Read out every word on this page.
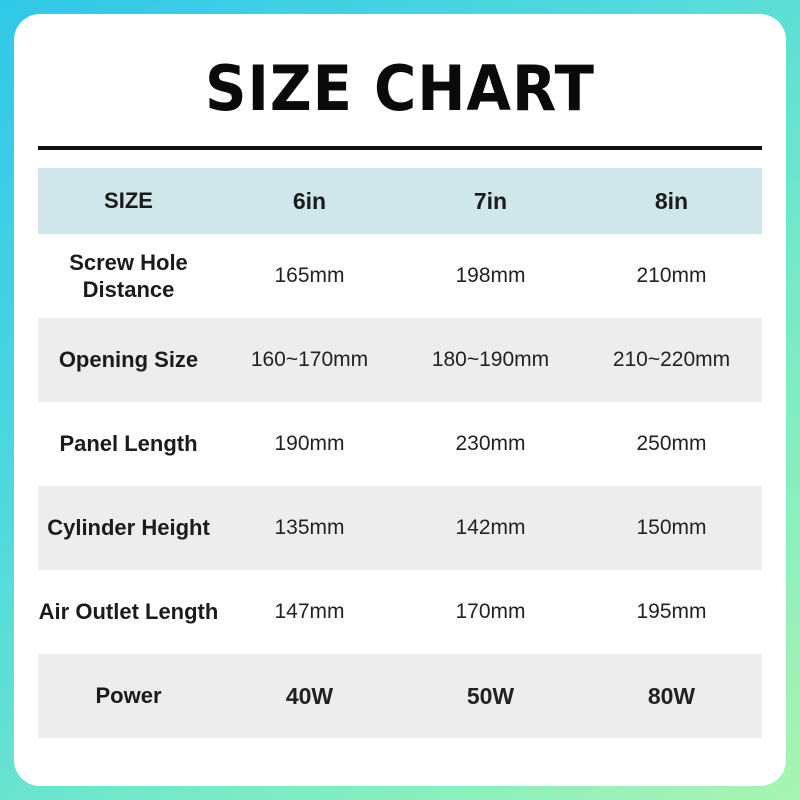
SIZE CHART
SIZE	6in	7in	8in
Screw Hole Distance	165mm	198mm	210mm
Opening Size	160~170mm	180~190mm	210~220mm
Panel Length	190mm	230mm	250mm
Cylinder Height	135mm	142mm	150mm
Air Outlet Length	147mm	170mm	195mm
Power	40W	50W	80W
